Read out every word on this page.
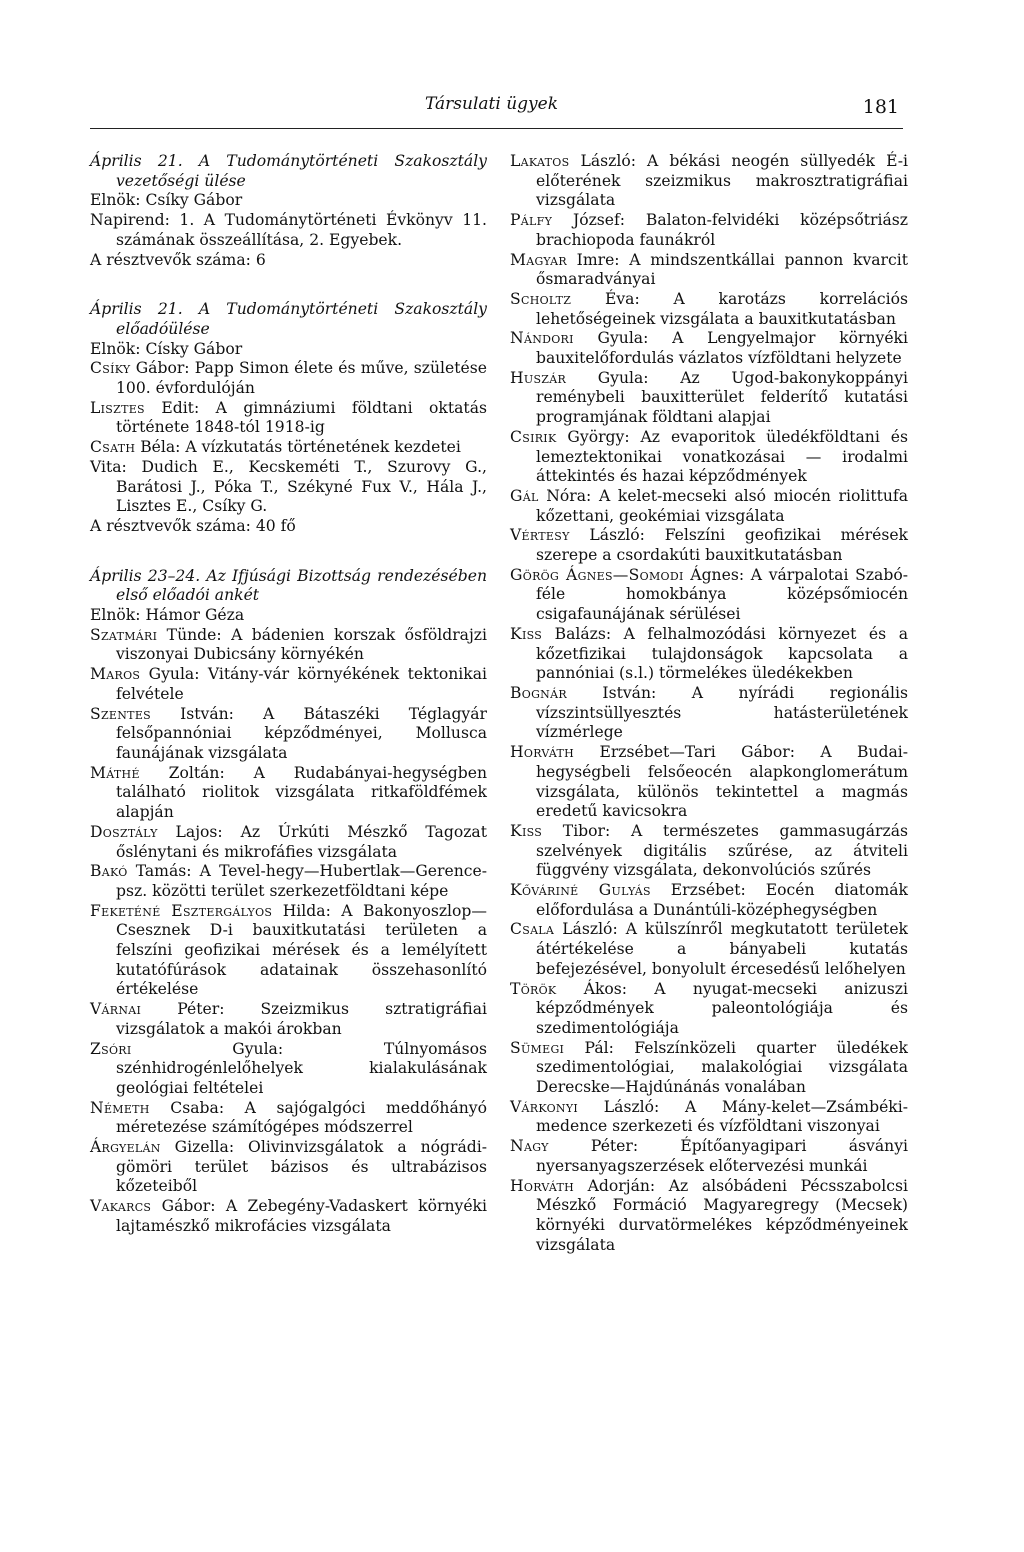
Társulati ügyek	181

Április 21. A Tudománytörténeti Szakosztály vezetőségi ülése

Elnök: Csíky Gábor

Napirend: 1. A Tudománytörténeti Évkönyv 11. számának összeállítása, 2. Egyebek.

A résztvevők száma: 6

Április 21. A Tudománytörténeti Szakosztály előadóülése

Elnök: Císky Gábor

Csíky Gábor: Papp Simon élete és műve, születése 100. évfordulóján

Lisztes Edit: A gimnáziumi földtani oktatás története 1848-tól 1918-ig

Csath Béla: A vízkutatás történetének kezdetei

Vita: Dudich E., Kecskeméti T., Szurovy G., Barátosi J., Póka T., Székyné Fux V., Hála J., Lisztes E., Csíky G.

A résztvevők száma: 40 fő

Április 23–24. Az Ifjúsági Bizottság rendezésében első előadói ankét

Elnök: Hámor Géza

Szatmári Tünde: A bádenien korszak ősföldrajzi viszonyai Dubicsány környékén

Maros Gyula: Vitány-vár környékének tektonikai felvétele

Szentes István: A Bátaszéki Téglagyár felsőpannóniai képződményei, Mollusca faunájának vizsgálata

Máthé Zoltán: A Rudabányai-hegységben található riolitok vizsgálata ritkaföldfémek alapján

Dosztály Lajos: Az Úrkúti Mészkő Tagozat őslénytani és mikrofáfies vizsgálata

Bakó Tamás: A Tevel-hegy—Hubertlak—Gerence-psz. közötti terület szerkezetföldtani képe

Feketéné Esztergályos Hilda: A Bakonyoszlop—Csesznek D-i bauxitkutatási területen a felszíni geofizikai mérések és a lemélyített kutatófúrások adatainak összehasonlító értékelése

Várnai Péter: Szeizmikus sztratigráfiai vizsgálatok a makói árokban

Zsóri Gyula: Túlnyomásos szénhidrogénlelőhelyek kialakulásának geológiai feltételei

Németh Csaba: A sajógalgóci meddőhányó méretezése számítógépes módszerrel

Árgyelán Gizella: Olivinvizsgálatok a nógrádi-gömöri terület bázisos és ultrabázisos kőzeteiből

Vakarcs Gábor: A Zebegény-Vadaskert környéki lajtamészkő mikrofácies vizsgálata

Lakatos László: A békási neogén süllyedék É-i előterének szeizmikus makrosztratigráfiai vizsgálata

Pálfy József: Balaton-felvidéki középsőtriász brachiopoda faunákról

Magyar Imre: A mindszentkállai pannon kvarcit ősmaradványai

Scholtz Éva: A karotázs korrelációs lehetőségeinek vizsgálata a bauxitkutatásban

Nándori Gyula: A Lengyelmajor környéki bauxitelőfordulás vázlatos vízföldtani helyzete

Huszár Gyula: Az Ugod-bakonykoppányi reménybeli bauxitterület felderítő kutatási programjának földtani alapjai

Csirik György: Az evaporitok üledékföldtani és lemeztektonikai vonatkozásai — irodalmi áttekintés és hazai képződmények

Gál Nóra: A kelet-mecseki alsó miocén riolittufa kőzettani, geokémiai vizsgálata

Vértesy László: Felszíni geofizikai mérések szerepe a csordakúti bauxitkutatásban

Görög Ágnes—Somodi Ágnes: A várpalotai Szabó-féle homokbánya középsőmiocén csigafaunájának sérülései

Kiss Balázs: A felhalmozódási környezet és a kőzetfizikai tulajdonságok kapcsolata a pannóniai (s.l.) törmelékes üledékekben

Bognár István: A nyírádi regionális vízszintsüllyesztés hatásterületének vízmérlege

Horváth Erzsébet—Tari Gábor: A Budai-hegységbeli felsőeocén alapkonglomerátum vizsgálata, különös tekintettel a magmás eredetű kavicsokra

Kiss Tibor: A természetes gammasugárzás szelvények digitális szűrése, az átviteli függvény vizsgálata, dekonvolúciós szűrés

Kőváriné Gulyás Erzsébet: Eocén diatomák előfordulása a Dunántúli-középhegységben

Csala László: A külszínről megkutatott területek átértékelése a bányabeli kutatás befejezésével, bonyolult ércesedésű lelőhelyen

Török Ákos: A nyugat-mecseki anizuszi képződmények paleontológiája és szedimentológiája

Sümegi Pál: Felszínközeli quarter üledékek szedimentológiai, malakológiai vizsgálata Derecske—Hajdúnánás vonalában

Várkonyi László: A Mány-kelet—Zsámbéki-medence szerkezeti és vízföldtani viszonyai

Nagy Péter: Építőanyagipari ásványi nyersanyagszerzések előtervezési munkái

Horváth Adorján: Az alsóbádeni Pécsszabolcsi Mészkő Formáció Magyaregregy (Mecsek) környéki durvatörmelékes képződményeinek vizsgálata
